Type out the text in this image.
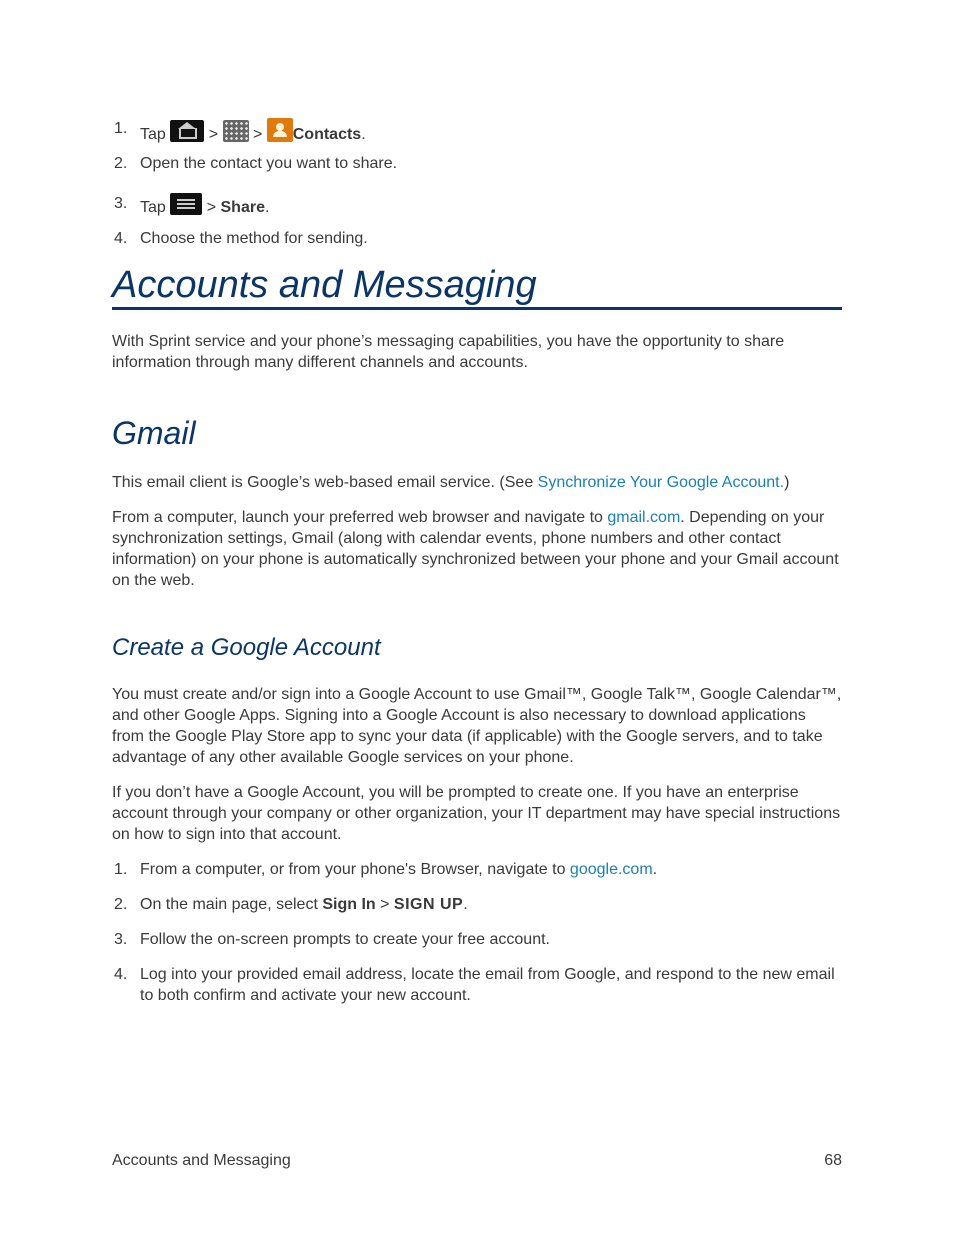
1. Tap	> > Contacts.
2. Open the contact you want to share.
3. Tap	> Share.
4. Choose the method for sending.
Accounts and Messaging

With Sprint service and your phone’s messaging capabilities, you have the opportunity to share information through many different channels and accounts.

Gmail

This email client is Google’s web-based email service. (See Synchronize Your Google Account.)

From a computer, launch your preferred web browser and navigate to gmail.com. Depending on your synchronization settings, Gmail (along with calendar events, phone numbers and other contact information) on your phone is automatically synchronized between your phone and your Gmail account on the web.

Create a Google Account

You must create and/or sign into a Google Account to use Gmail™, Google Talk™, Google Calendar™, and other Google Apps. Signing into a Google Account is also necessary to download applications from the Google Play Store app to sync your data (if applicable) with the Google servers, and to take advantage of any other available Google services on your phone.

If you don’t have a Google Account, you will be prompted to create one. If you have an enterprise account through your company or other organization, your IT department may have special instructions on how to sign into that account.

1. From a computer, or from your phone's Browser, navigate to google.com.
2. On the main page, select Sign In > SIGN UP.
3. Follow the on-screen prompts to create your free account.
4. Log into your provided email address, locate the email from Google, and respond to the new email to both confirm and activate your new account.
Accounts and Messaging	68
